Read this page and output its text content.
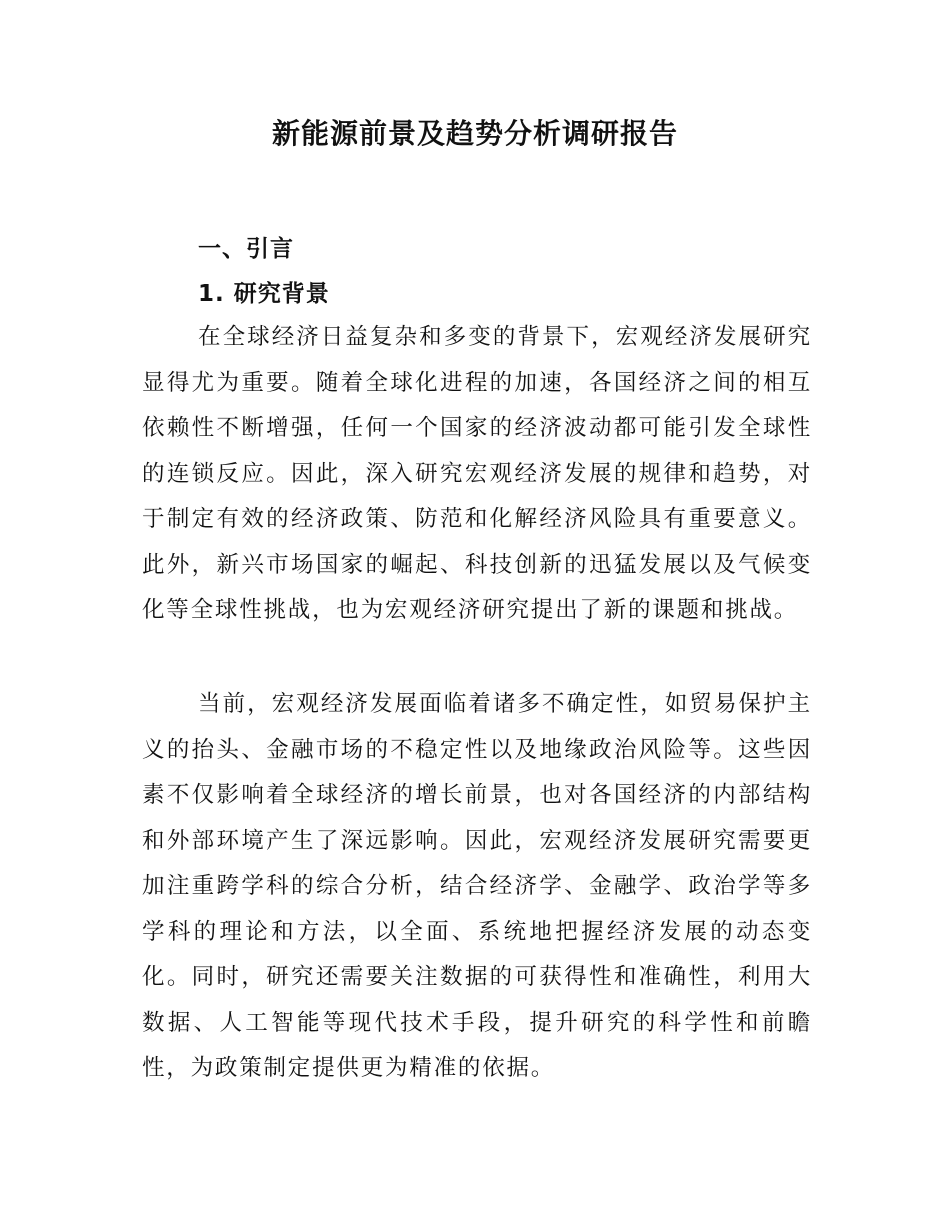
新能源前景及趋势分析调研报告
一、引言
1. 研究背景

在全球经济日益复杂和多变的背景下，宏观经济发展研究显得尤为重要。随着全球化进程的加速，各国经济之间的相互依赖性不断增强，任何一个国家的经济波动都可能引发全球性的连锁反应。因此，深入研究宏观经济发展的规律和趋势，对于制定有效的经济政策、防范和化解经济风险具有重要意义。此外，新兴市场国家的崛起、科技创新的迅猛发展以及气候变化等全球性挑战，也为宏观经济研究提出了新的课题和挑战。

当前，宏观经济发展面临着诸多不确定性，如贸易保护主义的抬头、金融市场的不稳定性以及地缘政治风险等。这些因素不仅影响着全球经济的增长前景，也对各国经济的内部结构和外部环境产生了深远影响。因此，宏观经济发展研究需要更加注重跨学科的综合分析，结合经济学、金融学、政治学等多学科的理论和方法，以全面、系统地把握经济发展的动态变化。同时，研究还需要关注数据的可获得性和准确性，利用大数据、人工智能等现代技术手段，提升研究的科学性和前瞻性，为政策制定提供更为精准的依据。
